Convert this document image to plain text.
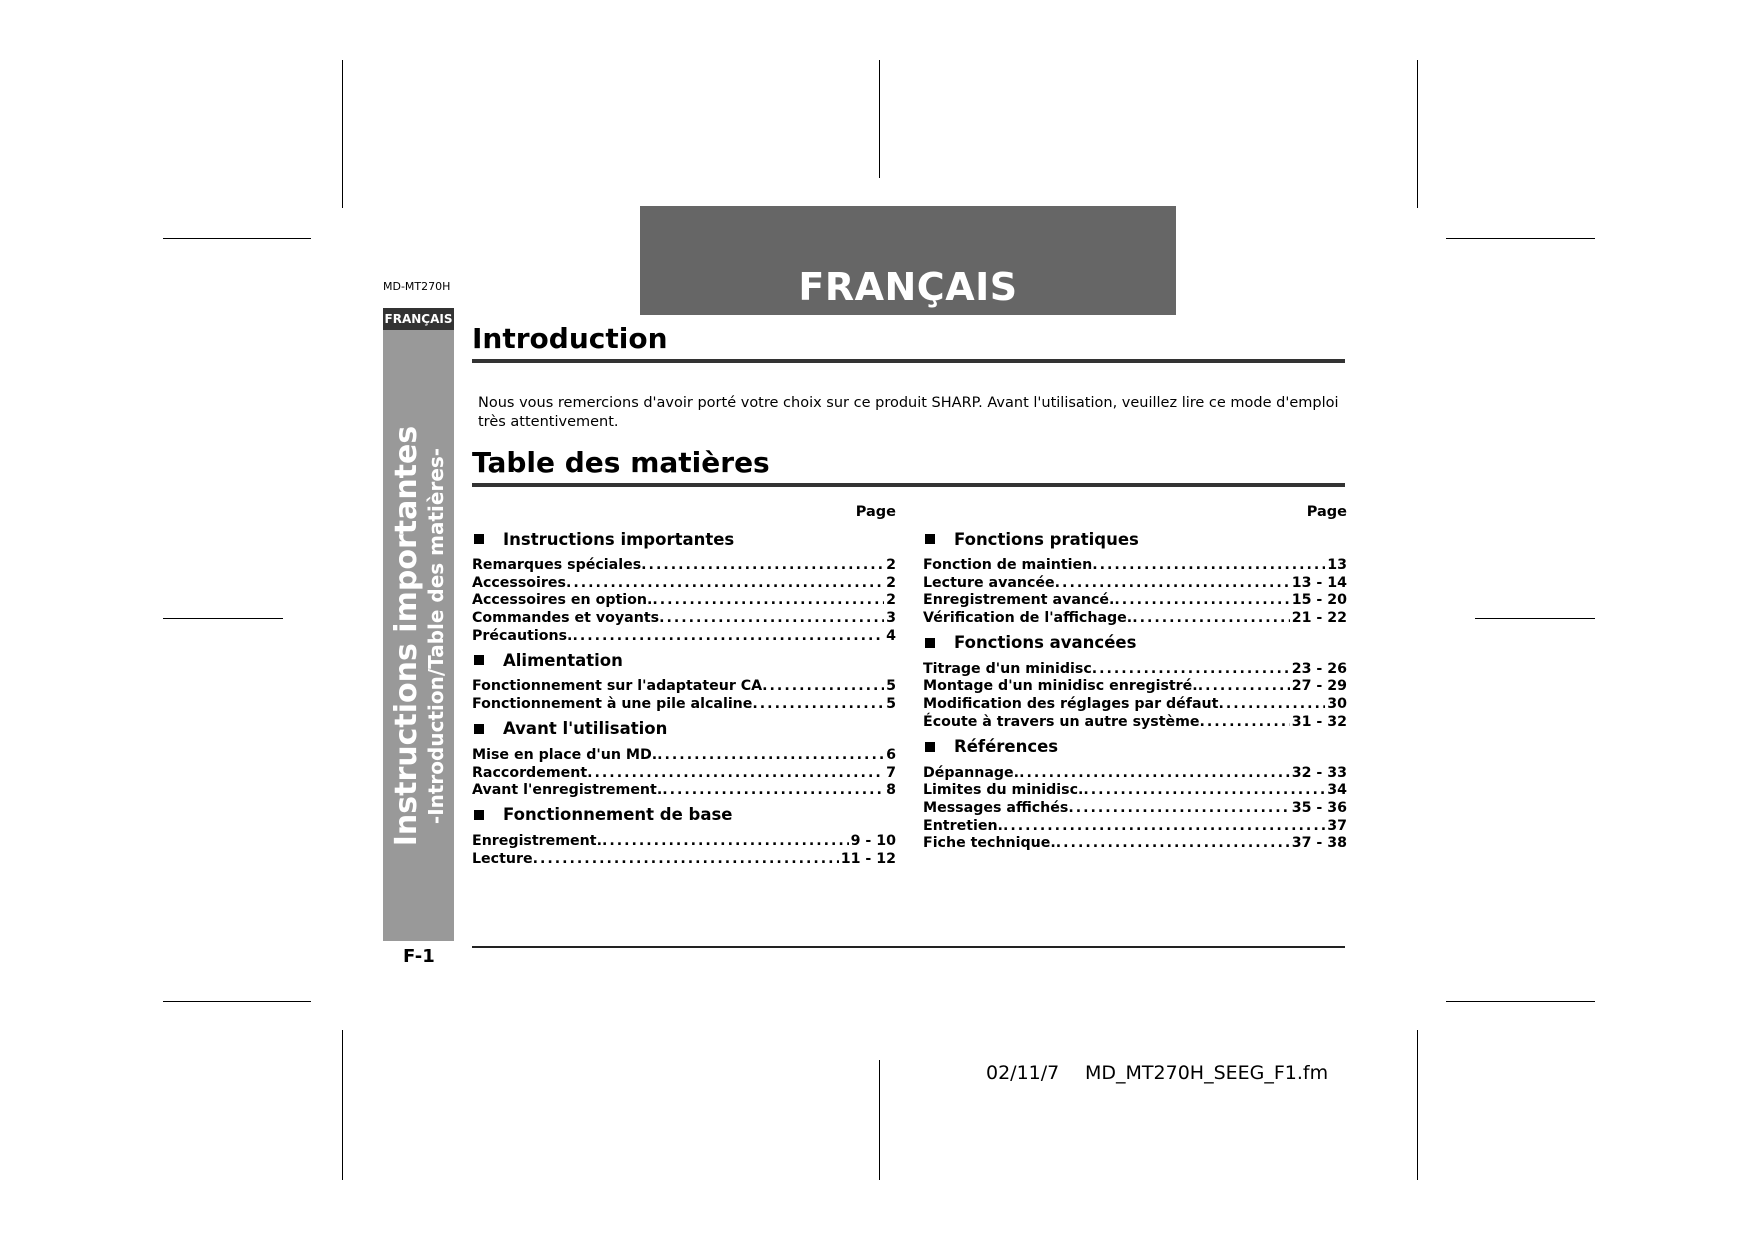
FRANÇAIS
MD-MT270H
FRANÇAIS
Instructions importantes -Introduction/Table des matières-
Introduction
Nous vous remercions d'avoir porté votre choix sur ce produit SHARP. Avant l'utilisation, veuillez lire ce mode d'emploi très attentivement.
Table des matières
Page
Instructions importantes
Remarques spéciales .....	2
Accessoires .....	2
Accessoires en option. .....	2
Commandes et voyants .....	3
Précautions. .....	4
Alimentation
Fonctionnement sur l'adaptateur CA .....	5
Fonctionnement à une pile alcaline .....	5
Avant l'utilisation
Mise en place d'un MD. .....	6
Raccordement .....	7
Avant l'enregistrement. .....	8
Fonctionnement de base
Enregistrement. .....	9 - 10
Lecture .....	11 - 12
Page
Fonctions pratiques
Fonction de maintien .....	13
Lecture avancée .....	13 - 14
Enregistrement avancé. .....	15 - 20
Vérification de l'affichage. .....	21 - 22
Fonctions avancées
Titrage d'un minidisc .....	23 - 26
Montage d'un minidisc enregistré. .....	27 - 29
Modification des réglages par défaut .....	30
Écoute à travers un autre système .....	31 - 32
Références
Dépannage. .....	32 - 33
Limites du minidisc. .....	34
Messages affichés .....	35 - 36
Entretien. .....	37
Fiche technique. .....	37 - 38
F-1
02/11/7 MD_MT270H_SEEG_F1.fm
